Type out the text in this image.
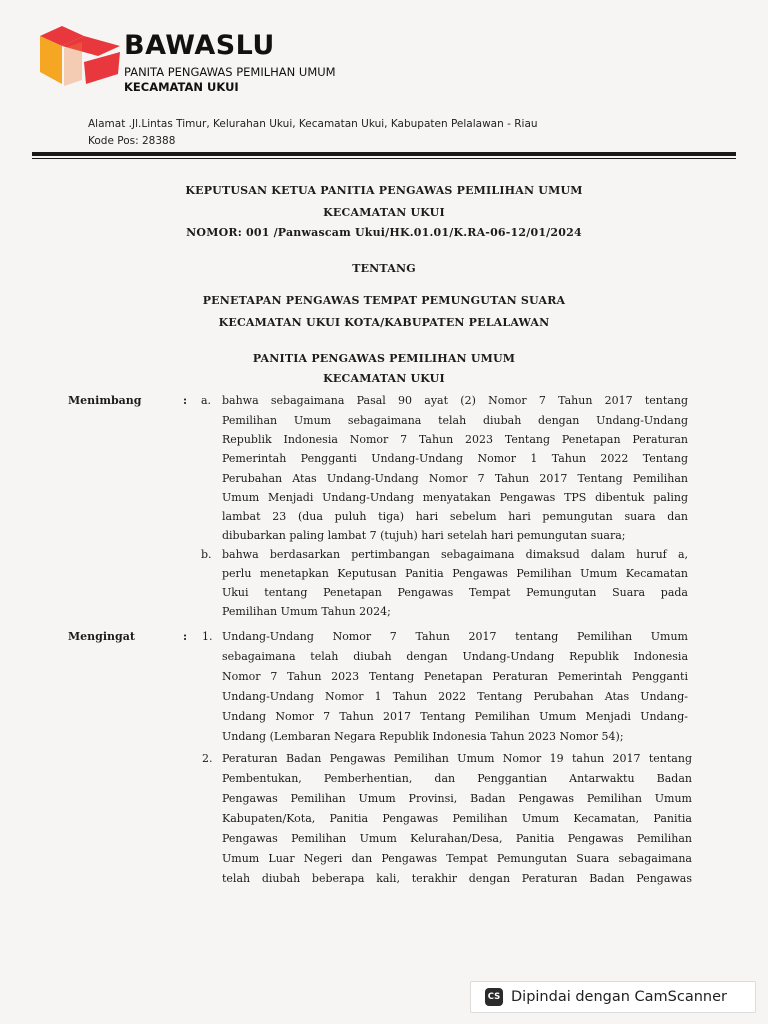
BAWASLU
PANITA PENGAWAS PEMILHAN UMUM
KECAMATAN UKUI
Alamat .Jl.Lintas Timur, Kelurahan Ukui, Kecamatan Ukui, Kabupaten Pelalawan - Riau
Kode Pos: 28388
KEPUTUSAN KETUA PANITIA PENGAWAS PEMILIHAN UMUM
KECAMATAN UKUI
NOMOR: 001 /Panwascam Ukui/HK.01.01/K.RA-06-12/01/2024
TENTANG
PENETAPAN PENGAWAS TEMPAT PEMUNGUTAN SUARA
KECAMATAN UKUI KOTA/KABUPATEN PELALAWAN
PANITIA PENGAWAS PEMILIHAN UMUM
KECAMATAN UKUI
Menimbang	: a. bahwa sebagaimana Pasal 90 ayat (2) Nomor 7 Tahun 2017 tentang
Pemilihan Umum sebagaimana telah diubah dengan Undang-Undang
Republik Indonesia Nomor 7 Tahun 2023 Tentang Penetapan Peraturan
Pemerintah Pengganti Undang-Undang Nomor 1 Tahun 2022 Tentang
Perubahan Atas Undang-Undang Nomor 7 Tahun 2017 Tentang Pemilihan
Umum Menjadi Undang-Undang menyatakan Pengawas TPS dibentuk paling
lambat 23 (dua puluh tiga) hari sebelum hari pemungutan suara dan
dibubarkan paling lambat 7 (tujuh) hari setelah hari pemungutan suara;
b. bahwa berdasarkan pertimbangan sebagaimana dimaksud dalam huruf a,
perlu menetapkan Keputusan Panitia Pengawas Pemilihan Umum Kecamatan
Ukui tentang Penetapan Pengawas Tempat Pemungutan Suara pada
Pemilihan Umum Tahun 2024;
Mengingat	: 1. Undang-Undang Nomor 7 Tahun 2017 tentang Pemilihan Umum
sebagaimana telah diubah dengan Undang-Undang Republik Indonesia
Nomor 7 Tahun 2023 Tentang Penetapan Peraturan Pemerintah Pengganti
Undang-Undang Nomor 1 Tahun 2022 Tentang Perubahan Atas Undang-
Undang Nomor 7 Tahun 2017 Tentang Pemilihan Umum Menjadi Undang-
Undang (Lembaran Negara Republik Indonesia Tahun 2023 Nomor 54);
2. Peraturan Badan Pengawas Pemilihan Umum Nomor 19 tahun 2017 tentang
Pembentukan, Pemberhentian, dan Penggantian Antarwaktu Badan
Pengawas Pemilihan Umum Provinsi, Badan Pengawas Pemilihan Umum
Kabupaten/Kota, Panitia Pengawas Pemilihan Umum Kecamatan, Panitia
Pengawas Pemilihan Umum Kelurahan/Desa, Panitia Pengawas Pemilihan
Umum Luar Negeri dan Pengawas Tempat Pemungutan Suara sebagaimana
telah diubah beberapa kali, terakhir dengan Peraturan Badan Pengawas
CS Dipindai dengan CamScanner
